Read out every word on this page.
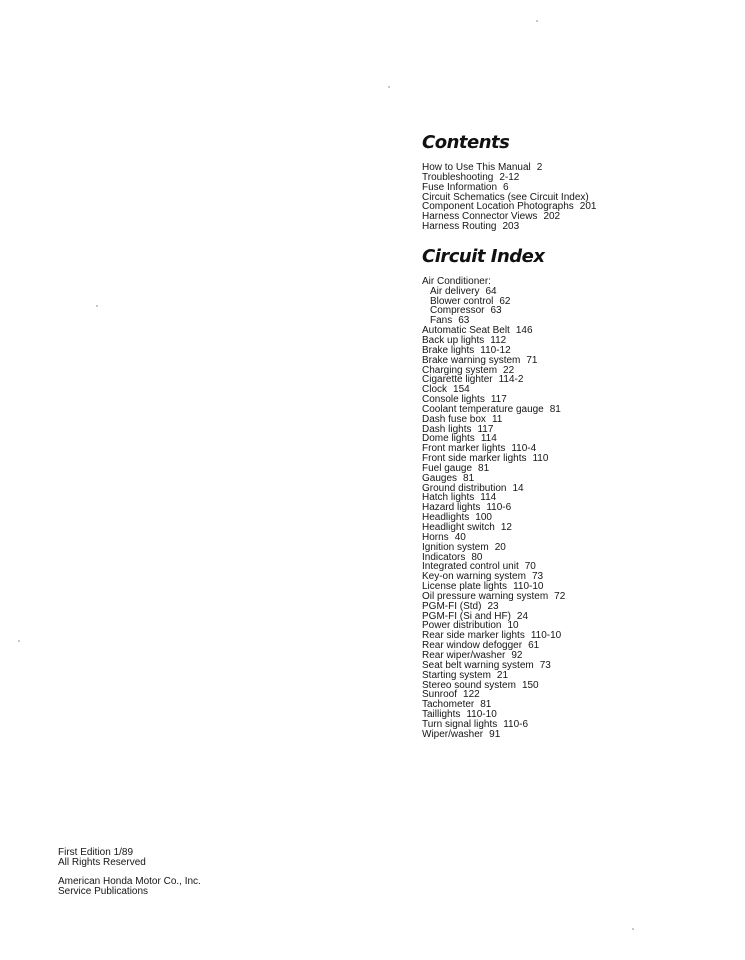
Contents
How to Use This Manual 2
Troubleshooting 2-12
Fuse Information 6
Circuit Schematics (see Circuit Index)
Component Location Photographs 201
Harness Connector Views 202
Harness Routing 203
Circuit Index
Air Conditioner:
Air delivery 64
Blower control 62
Compressor 63
Fans 63
Automatic Seat Belt 146
Back up lights 112
Brake lights 110-12
Brake warning system 71
Charging system 22
Cigarette lighter 114-2
Clock 154
Console lights 117
Coolant temperature gauge 81
Dash fuse box 11
Dash lights 117
Dome lights 114
Front marker lights 110-4
Front side marker lights 110
Fuel gauge 81
Gauges 81
Ground distribution 14
Hatch lights 114
Hazard lights 110-6
Headlights 100
Headlight switch 12
Horns 40
Ignition system 20
Indicators 80
Integrated control unit 70
Key-on warning system 73
License plate lights 110-10
Oil pressure warning system 72
PGM-FI (Std) 23
PGM-FI (Si and HF) 24
Power distribution 10
Rear side marker lights 110-10
Rear window defogger 61
Rear wiper/washer 92
Seat belt warning system 73
Starting system 21
Stereo sound system 150
Sunroof 122
Tachometer 81
Taillights 110-10
Turn signal lights 110-6
Wiper/washer 91
First Edition 1/89
All Rights Reserved
American Honda Motor Co., Inc.
Service Publications
